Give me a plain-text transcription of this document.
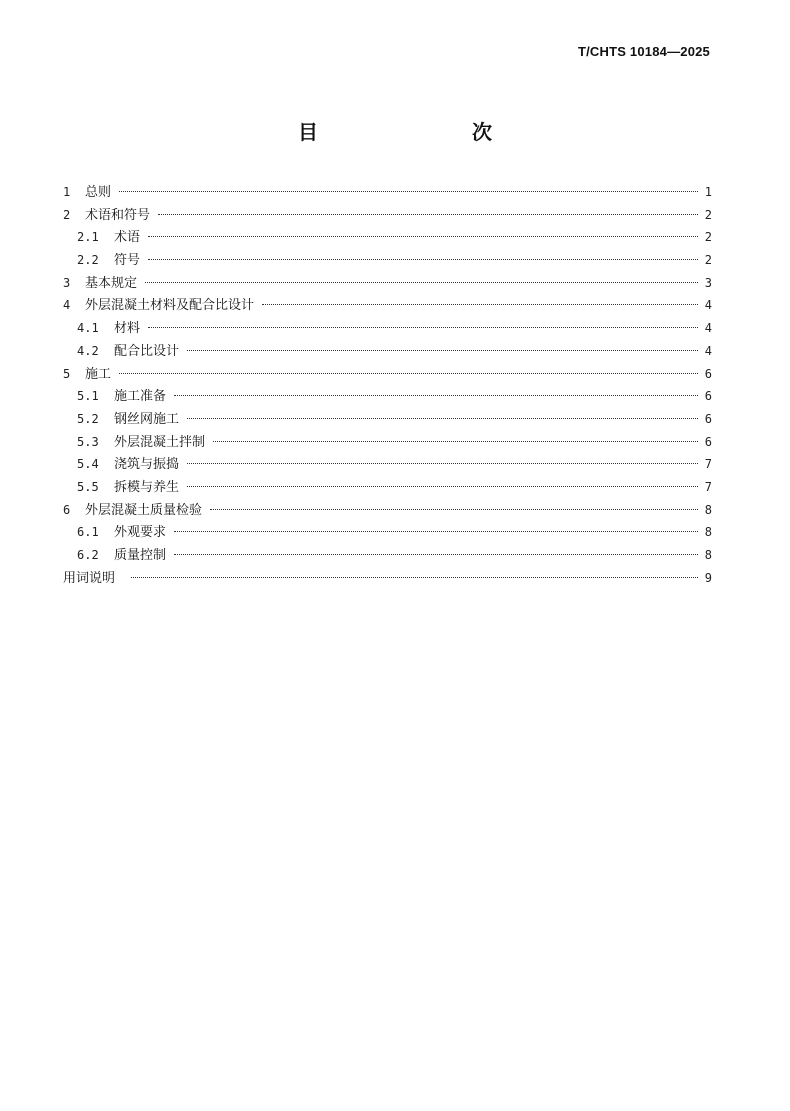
T/CHTS 10184—2025
目　　次
1	总则	1
2	术语和符号	2
2.1	术语	2
2.2	符号	2
3	基本规定	3
4	外层混凝土材料及配合比设计	4
4.1	材料	4
4.2	配合比设计	4
5	施工	6
5.1	施工准备	6
5.2	钢丝网施工	6
5.3	外层混凝土拌制	6
5.4	浇筑与振捣	7
5.5	拆模与养生	7
6	外层混凝土质量检验	8
6.1	外观要求	8
6.2	质量控制	8
用词说明	9
